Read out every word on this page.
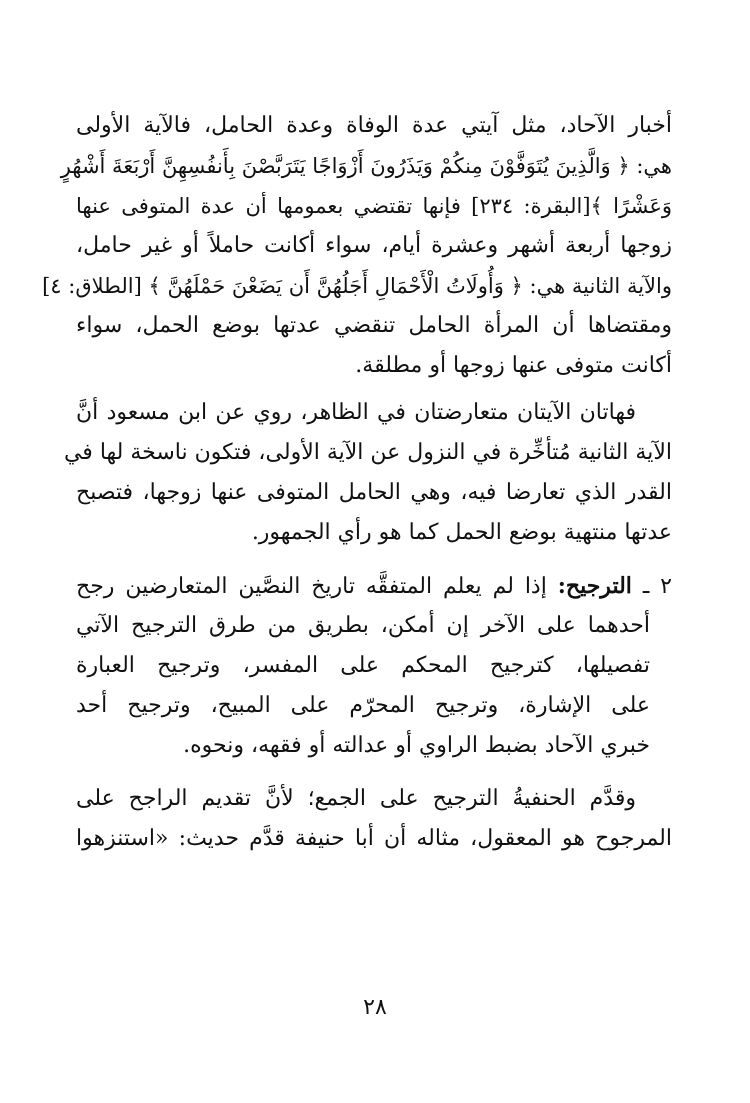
أخبار الآحاد، مثل آيتي عدة الوفاة وعدة الحامل، فالآية الأولى
هي: ﴿ وَالَّذِينَ يُتَوَفَّوْنَ مِنكُمْ وَيَذَرُونَ أَزْوَاجًا يَتَرَبَّصْنَ بِأَنفُسِهِنَّ أَرْبَعَةَ أَشْهُرٍ
وَعَشْرًا ﴾[البقرة: ٢٣٤] فإنها تقتضي بعمومها أن عدة المتوفى عنها
زوجها أربعة أشهر وعشرة أيام، سواء أكانت حاملاً أو غير حامل،
والآية الثانية هي: ﴿ وَأُولَاتُ الْأَحْمَالِ أَجَلُهُنَّ أَن يَضَعْنَ حَمْلَهُنَّ ﴾ [الطلاق: ٤]
ومقتضاها أن المرأة الحامل تنقضي عدتها بوضع الحمل، سواء
أكانت متوفى عنها زوجها أو مطلقة.
فهاتان الآيتان متعارضتان في الظاهر، روي عن ابن مسعود أنَّ
الآية الثانية مُتأخِّرة في النزول عن الآية الأولى، فتكون ناسخة لها في
القدر الذي تعارضا فيه، وهي الحامل المتوفى عنها زوجها، فتصبح
عدتها منتهية بوضع الحمل كما هو رأي الجمهور.
٢ ـ الترجيح: إذا لم يعلم المتفقَّه تاريخ النصَّين المتعارضين رجح
أحدهما على الآخر إن أمكن، بطريق من طرق الترجيح الآتي
تفصيلها، كترجيح المحكم على المفسر، وترجيح العبارة
على الإشارة، وترجيح المحرّم على المبيح، وترجيح أحد
خبري الآحاد بضبط الراوي أو عدالته أو فقهه، ونحوه.
وقدَّم الحنفيةُ الترجيح على الجمع؛ لأنَّ تقديم الراجح على
المرجوح هو المعقول، مثاله أن أبا حنيفة قدَّم حديث: «استنزهوا
٢٨
